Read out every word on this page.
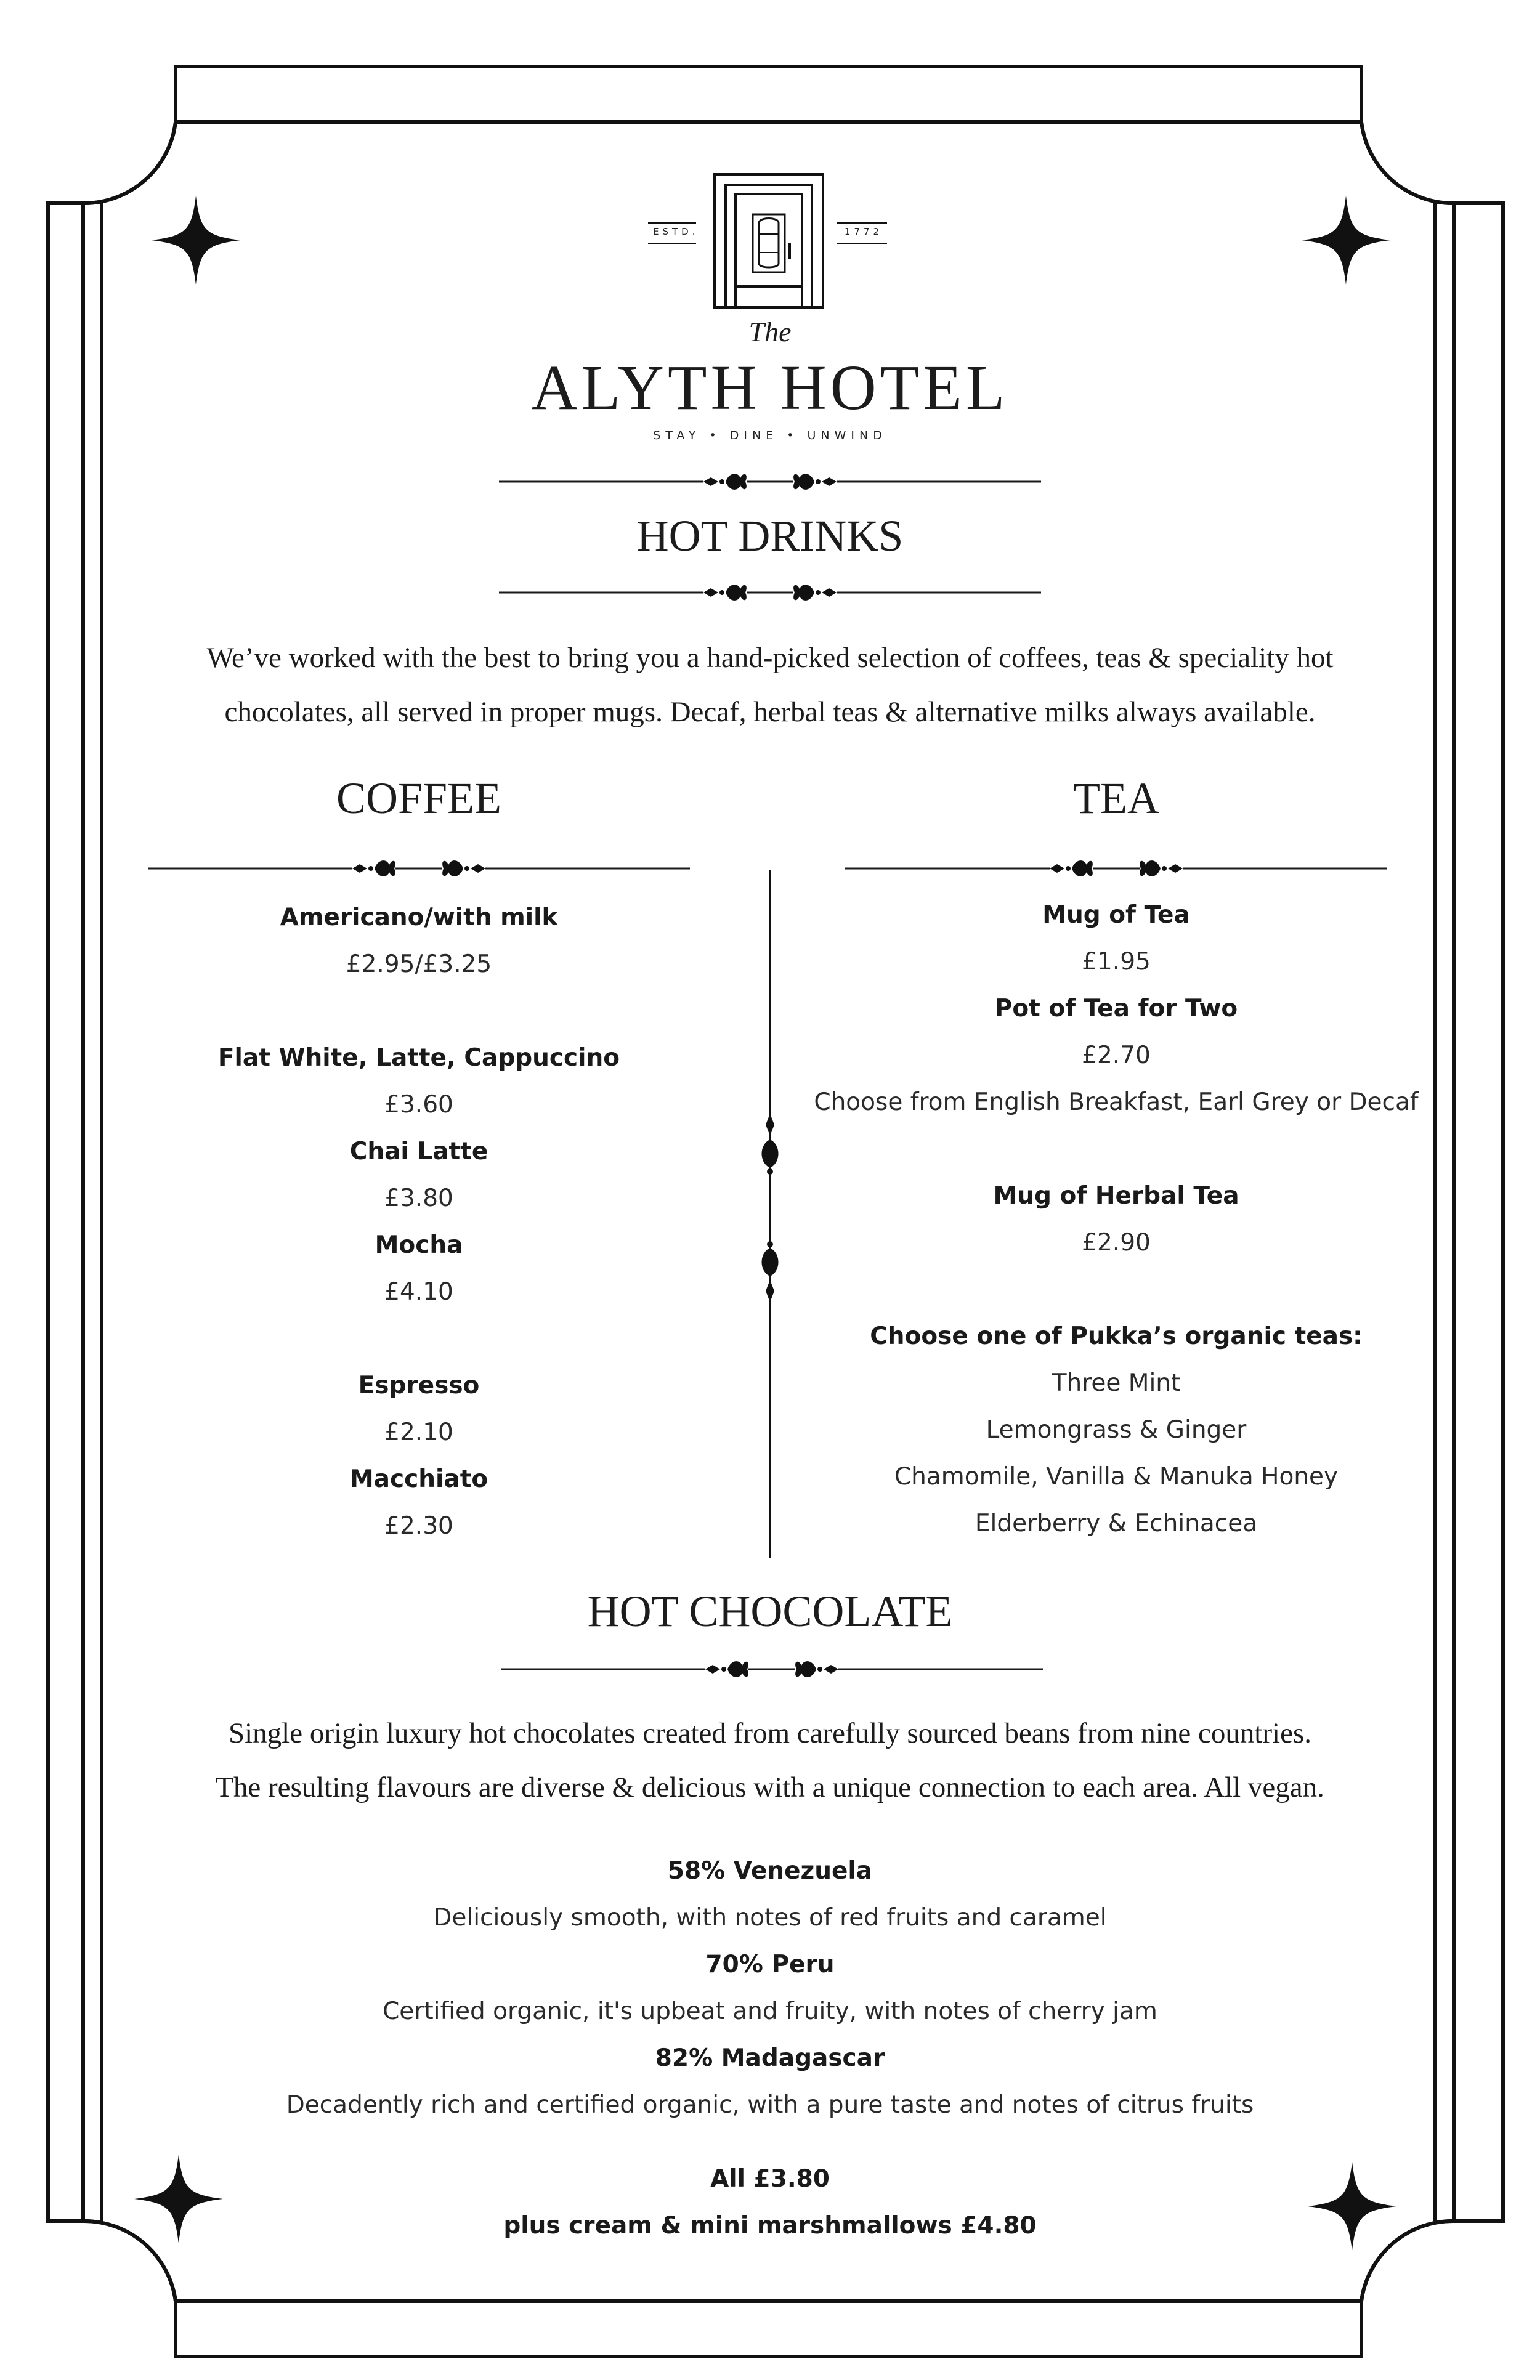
ESTD.	1772
The
ALYTH HOTEL
STAY • DINE • UNWIND
HOT DRINKS
We’ve worked with the best to bring you a hand-picked selection of coffees, teas & speciality hot
chocolates, all served in proper mugs. Decaf, herbal teas & alternative milks always available.
COFFEE	TEA
Americano/with milk
£2.95/£3.25
Flat White, Latte, Cappuccino
£3.60
Chai Latte
£3.80
Mocha
£4.10
Espresso
£2.10
Macchiato
£2.30
Mug of Tea
£1.95
Pot of Tea for Two
£2.70
Choose from English Breakfast, Earl Grey or Decaf
Mug of Herbal Tea
£2.90
Choose one of Pukka’s organic teas:
Three Mint
Lemongrass & Ginger
Chamomile, Vanilla & Manuka Honey
Elderberry & Echinacea
HOT CHOCOLATE
Single origin luxury hot chocolates created from carefully sourced beans from nine countries.
The resulting flavours are diverse & delicious with a unique connection to each area. All vegan.
58% Venezuela
Deliciously smooth, with notes of red fruits and caramel
70% Peru
Certified organic, it's upbeat and fruity, with notes of cherry jam
82% Madagascar
Decadently rich and certified organic, with a pure taste and notes of citrus fruits
All £3.80
plus cream & mini marshmallows £4.80
